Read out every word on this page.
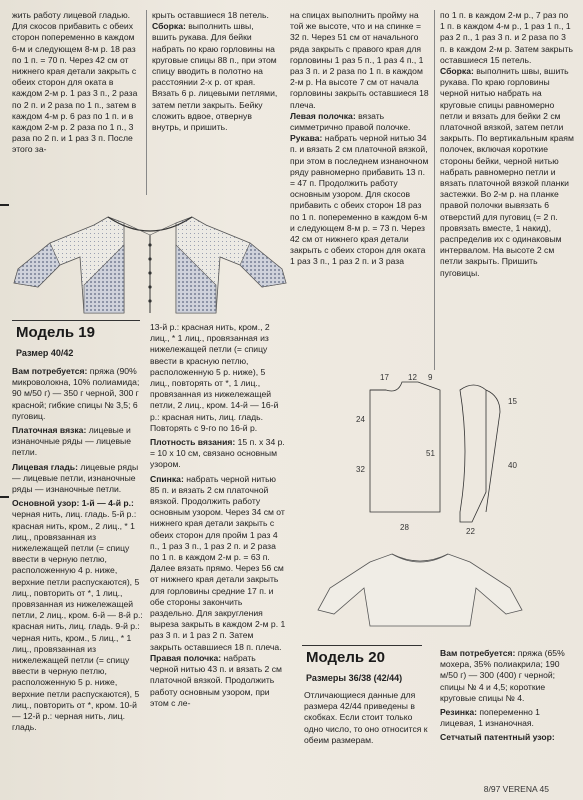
жить работу лицевой гладью. Для скосов прибавить с обеих сторон попеременно в каждом 6-м и следующем 8-м р. 18 раз по 1 п. = 70 п. Через 42 см от нижнего края детали закрыть с обеих сторон для оката в каждом 2-м р. 1 раз 3 п., 2 раза по 2 п. и 2 раза по 1 п., затем в каждом 4-м р. 6 раз по 1 п. и в каждом 2-м р. 2 раза по 1 п., 3 раза по 2 п. и 1 раз 3 п. После этого за-

крыть оставшиеся 18 петель.

Сборка: выполнить швы, вшить рукава. Для бейки набрать по краю горловины на круговые спицы 88 п., при этом спицу вводить в полотно на расстоянии 2-х р. от края. Вязать 6 р. лицевыми петлями, затем петли закрыть. Бейку сложить вдвое, отвернув внутрь, и пришить.

на спицах выполнить пройму на той же высоте, что и на спинке = 32 п. Через 51 см от начального ряда закрыть с правого края для горловины 1 раз 5 п., 1 раз 4 п., 1 раз 3 п. и 2 раза по 1 п. в каждом 2-м р. На высоте 7 см от начала горловины закрыть оставшиеся 18 плеча.

Левая полочка: вязать симметрично правой полочке.

Рукава: набрать черной нитью 34 п. и вязать 2 см платочной вязкой, при этом в последнем изнаночном ряду равномерно прибавить 13 п. = 47 п. Продолжить работу основным узором. Для скосов прибавить с обеих сторон 18 раз по 1 п. попеременно в каждом 6-м и следующем 8-м р. = 73 п. Через 42 см от нижнего края детали закрыть с обеих сторон для оката 1 раз 3 п., 1 раз 2 п. и 3 раза

по 1 п. в каждом 2-м р., 7 раз по 1 п. в каждом 4-м р., 1 раз 1 п., 1 раз 2 п., 1 раз 3 п. и 2 раза по 3 п. в каждом 2-м р. Затем закрыть оставшиеся 15 петель.

Сборка: выполнить швы, вшить рукава. По краю горловины черной нитью набрать на круговые спицы равномерно петли и вязать для бейки 2 см платочной вязкой, затем петли закрыть. По вертикальным краям полочек, включая короткие стороны бейки, черной нитью набрать равномерно петли и вязать платочной вязкой планки застежки. Во 2-м р. на планке правой полочки вывязать 6 отверстий для пуговиц (= 2 п. провязать вместе, 1 накид), распределив их с одинаковым интервалом. На высоте 2 см петли закрыть. Пришить пуговицы.

Модель 19
Размер 40/42

Вам потребуется: пряжа (90% микроволокна, 10% полиамида; 90 м/50 г) — 350 г черной, 300 г красной; гибкие спицы № 3,5; 6 пуговиц.

Платочная вязка: лицевые и изнаночные ряды — лицевые петли.

Лицевая гладь: лицевые ряды — лицевые петли, изнаночные ряды — изнаночные петли.

Основной узор: 1-й — 4-й р.: черная нить, лиц. гладь. 5-й р.: красная нить, кром., 2 лиц., * 1 лиц., провязанная из нижележащей петли (= спицу ввести в черную петлю, расположенную 4 р. ниже, верхние петли распускаются), 5 лиц., повторить от *, 1 лиц., провязанная из нижележащей петли, 2 лиц., кром. 6-й — 8-й р.: красная нить, лиц. гладь. 9-й р.: черная нить, кром., 5 лиц., * 1 лиц., провязанная из нижележащей петли (= спицу ввести в черную петлю, расположенную 5 р. ниже, верхние петли распускаются), 5 лиц., повторить от *, кром. 10-й — 12-й р.: черная нить, лиц. гладь.

13-й р.: красная нить, кром., 2 лиц., * 1 лиц., провязанная из нижележащей петли (= спицу ввести в красную петлю, расположенную 5 р. ниже), 5 лиц., повторять от *, 1 лиц., провязанная из нижележащей петли, 2 лиц., кром. 14-й — 16-й р.: красная нить, лиц. гладь. Повторять с 9-го по 16-й р.

Плотность вязания: 15 п. х 34 р. = 10 х 10 см, связано основным узором.

Спинка: набрать черной нитью 85 п. и вязать 2 см платочной вязкой. Продолжить работу основным узором. Через 34 см от нижнего края детали закрыть с обеих сторон для пройм 1 раз 4 п., 1 раз 3 п., 1 раз 2 п. и 2 раза по 1 п. в каждом 2-м р. = 63 п. Далее вязать прямо. Через 56 см от нижнего края детали закрыть для горловины средние 17 п. и обе стороны закончить раздельно. Для закругления выреза закрыть в каждом 2-м р. 1 раз 3 п. и 1 раз 2 п. Затем закрыть оставшиеся 18 п. плеча.

Правая полочка: набрать черной нитью 43 п. и вязать 2 см платочной вязкой. Продолжить работу основным узором, при этом с ле-

17 12 9
24
32
28
51
15
40
22
Модель 20
Размеры 36/38 (42/44)

Отличающиеся данные для размера 42/44 приведены в скобках. Если стоит только одно число, то оно относится к обеим размерам.

Вам потребуется: пряжа (65% мохера, 35% полиакрила; 190 м/50 г) — 300 (400) г черной; спицы № 4 и 4,5; короткие круговые спицы № 4.

Резинка: попеременно 1 лицевая, 1 изнаночная.

Сетчатый патентный узор:

8/97 VERENA 45
